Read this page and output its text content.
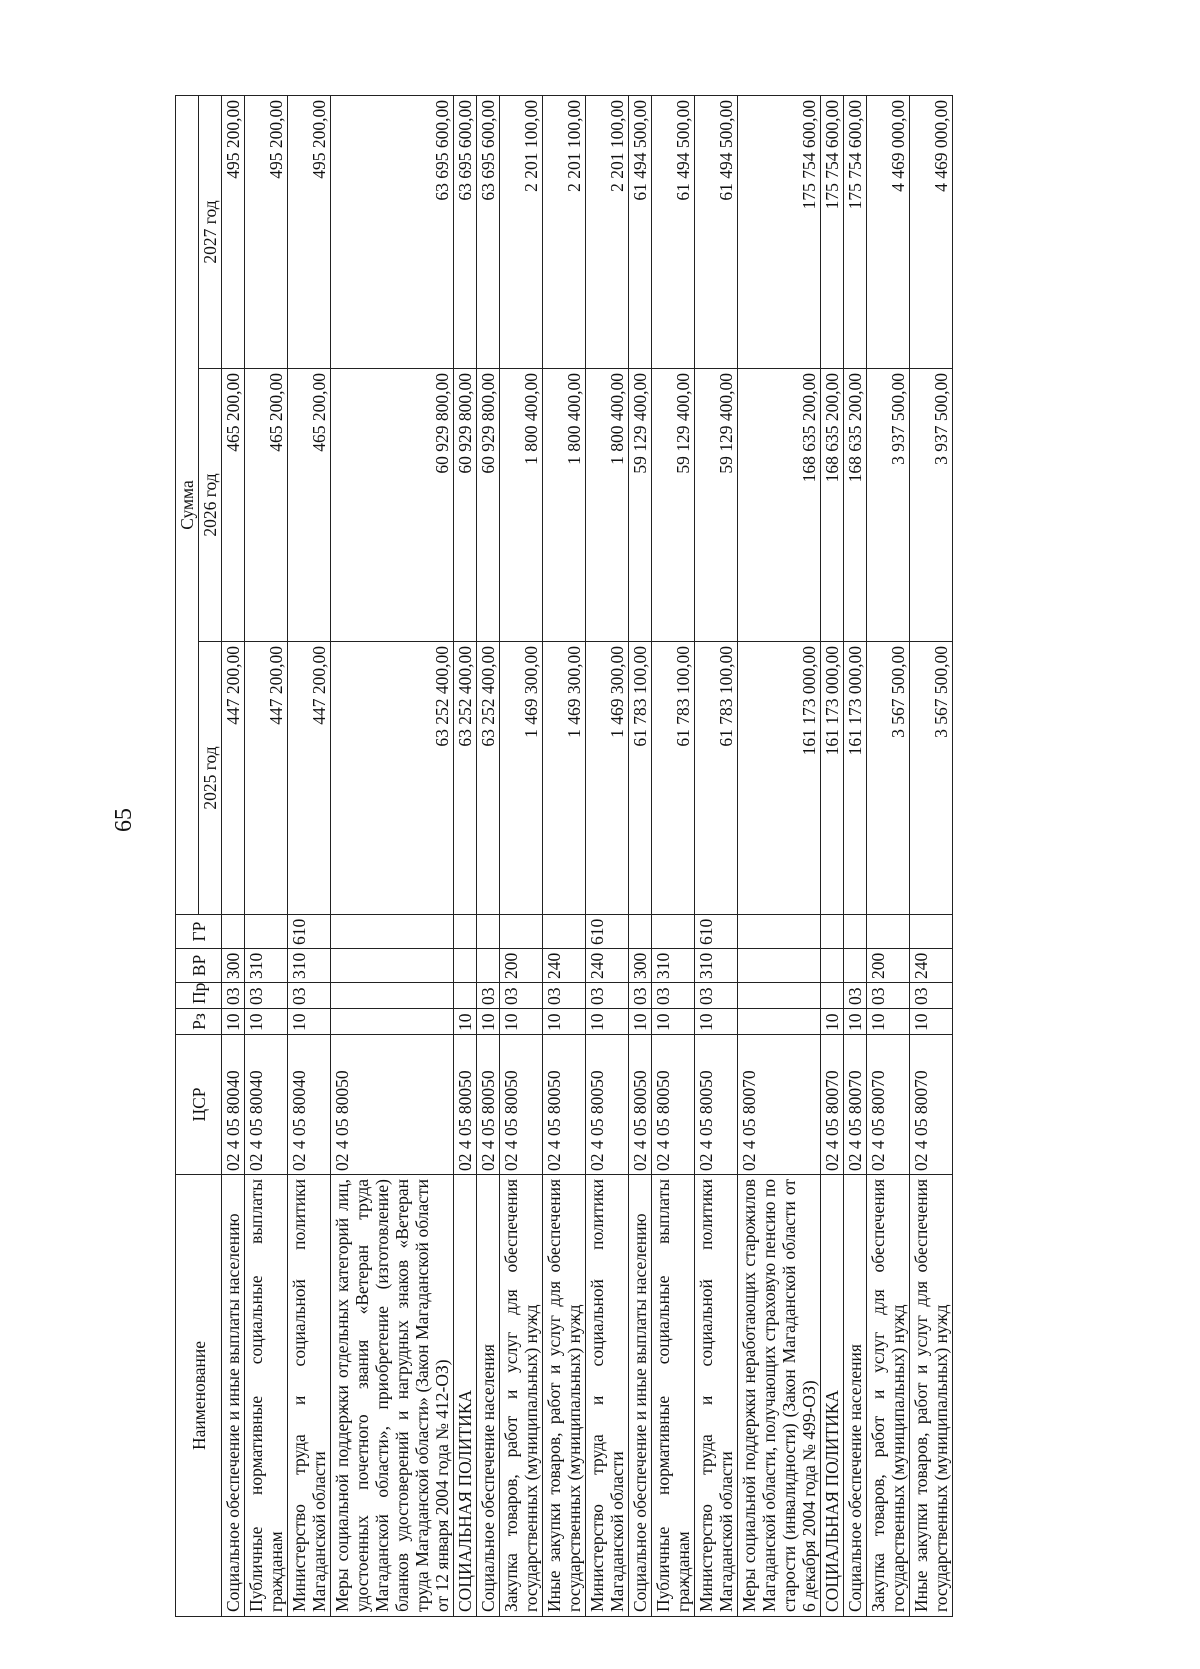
65
Наименование	ЦСР	Рз	Пр	ВР	ГР	Сумма		
						2025 год	2026 год	2027 год
Социальное обеспечение и иные выплаты населению	02 4 05 80040	10	03	300		447 200,00	465 200,00	495 200,00
Публичные нормативные социальные выплаты гражданам	02 4 05 80040	10	03	310		447 200,00	465 200,00	495 200,00
Министерство труда и социальной политики Магаданской области	02 4 05 80040	10	03	310	610	447 200,00	465 200,00	495 200,00
Меры социальной поддержки отдельных категорий лиц, удостоенных почетного звания «Ветеран труда Магаданской области», приобретение (изготовление) бланков удостоверений и нагрудных знаков «Ветеран труда Магаданской области» (Закон Магаданской области от 12 января 2004 года № 412-ОЗ)	02 4 05 80050					63 252 400,00	60 929 800,00	63 695 600,00
СОЦИАЛЬНАЯ ПОЛИТИКА	02 4 05 80050	10				63 252 400,00	60 929 800,00	63 695 600,00
Социальное обеспечение населения	02 4 05 80050	10	03			63 252 400,00	60 929 800,00	63 695 600,00
Закупка товаров, работ и услуг для обеспечения государственных (муниципальных) нужд	02 4 05 80050	10	03	200		1 469 300,00	1 800 400,00	2 201 100,00
Иные закупки товаров, работ и услуг для обеспечения государственных (муниципальных) нужд	02 4 05 80050	10	03	240		1 469 300,00	1 800 400,00	2 201 100,00
Министерство труда и социальной политики Магаданской области	02 4 05 80050	10	03	240	610	1 469 300,00	1 800 400,00	2 201 100,00
Социальное обеспечение и иные выплаты населению	02 4 05 80050	10	03	300		61 783 100,00	59 129 400,00	61 494 500,00
Публичные нормативные социальные выплаты гражданам	02 4 05 80050	10	03	310		61 783 100,00	59 129 400,00	61 494 500,00
Министерство труда и социальной политики Магаданской области	02 4 05 80050	10	03	310	610	61 783 100,00	59 129 400,00	61 494 500,00
Меры социальной поддержки неработающих старожилов Магаданской области, получающих страховую пенсию по старости (инвалидности) (Закон Магаданской области от 6 декабря 2004 года № 499-ОЗ)	02 4 05 80070					161 173 000,00	168 635 200,00	175 754 600,00
СОЦИАЛЬНАЯ ПОЛИТИКА	02 4 05 80070	10				161 173 000,00	168 635 200,00	175 754 600,00
Социальное обеспечение населения	02 4 05 80070	10	03			161 173 000,00	168 635 200,00	175 754 600,00
Закупка товаров, работ и услуг для обеспечения государственных (муниципальных) нужд	02 4 05 80070	10	03	200		3 567 500,00	3 937 500,00	4 469 000,00
Иные закупки товаров, работ и услуг для обеспечения государственных (муниципальных) нужд	02 4 05 80070	10	03	240		3 567 500,00	3 937 500,00	4 469 000,00
